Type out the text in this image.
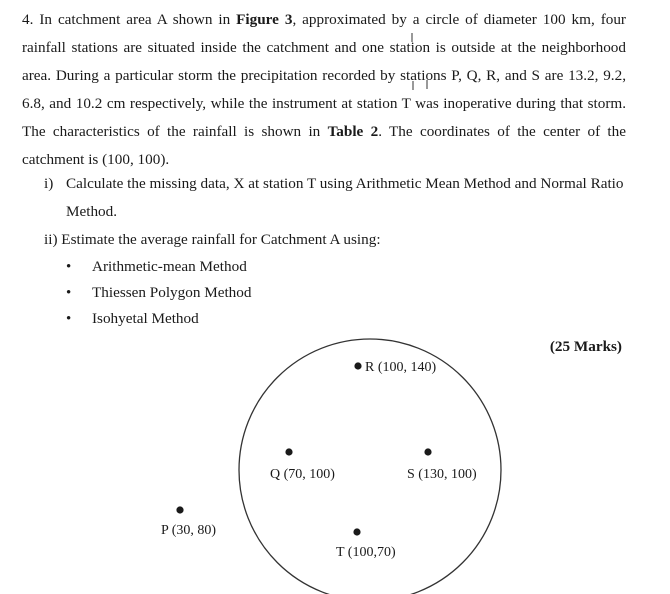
4. In catchment area A shown in Figure 3, approximated by a circle of diameter 100 km, four rainfall stations are situated inside the catchment and one station is outside at the neighborhood area. During a particular storm the precipitation recorded by stations P, Q, R, and S are 13.2, 9.2, 6.8, and 10.2 cm respectively, while the instrument at station T was inoperative during that storm. The characteristics of the rainfall is shown in Table 2. The coordinates of the center of the catchment is (100, 100).

i) Calculate the missing data, X at station T using Arithmetic Mean Method and Normal Ratio Method.
ii) Estimate the average rainfall for Catchment A using:
• Arithmetic-mean Method
• Thiessen Polygon Method
• Isohyetal Method
(25 Marks)
R (100, 140)
Q (70, 100)	S (130, 100)
T (100,70)
P (30, 80)
